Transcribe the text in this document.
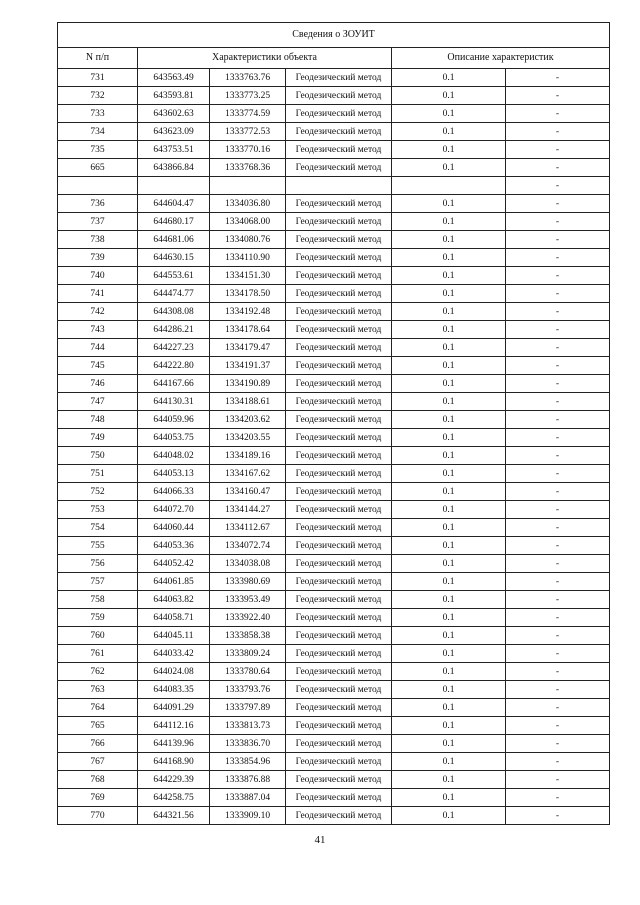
Сведения о ЗОУИТ					
N п/п	Характеристики объекта			Описание характеристик	
731	643563.49	1333763.76	Геодезический метод	0.1	-
732	643593.81	1333773.25	Геодезический метод	0.1	-
733	643602.63	1333774.59	Геодезический метод	0.1	-
734	643623.09	1333772.53	Геодезический метод	0.1	-
735	643753.51	1333770.16	Геодезический метод	0.1	-
665	643866.84	1333768.36	Геодезический метод	0.1	-
					-
736	644604.47	1334036.80	Геодезический метод	0.1	-
737	644680.17	1334068.00	Геодезический метод	0.1	-
738	644681.06	1334080.76	Геодезический метод	0.1	-
739	644630.15	1334110.90	Геодезический метод	0.1	-
740	644553.61	1334151.30	Геодезический метод	0.1	-
741	644474.77	1334178.50	Геодезический метод	0.1	-
742	644308.08	1334192.48	Геодезический метод	0.1	-
743	644286.21	1334178.64	Геодезический метод	0.1	-
744	644227.23	1334179.47	Геодезический метод	0.1	-
745	644222.80	1334191.37	Геодезический метод	0.1	-
746	644167.66	1334190.89	Геодезический метод	0.1	-
747	644130.31	1334188.61	Геодезический метод	0.1	-
748	644059.96	1334203.62	Геодезический метод	0.1	-
749	644053.75	1334203.55	Геодезический метод	0.1	-
750	644048.02	1334189.16	Геодезический метод	0.1	-
751	644053.13	1334167.62	Геодезический метод	0.1	-
752	644066.33	1334160.47	Геодезический метод	0.1	-
753	644072.70	1334144.27	Геодезический метод	0.1	-
754	644060.44	1334112.67	Геодезический метод	0.1	-
755	644053.36	1334072.74	Геодезический метод	0.1	-
756	644052.42	1334038.08	Геодезический метод	0.1	-
757	644061.85	1333980.69	Геодезический метод	0.1	-
758	644063.82	1333953.49	Геодезический метод	0.1	-
759	644058.71	1333922.40	Геодезический метод	0.1	-
760	644045.11	1333858.38	Геодезический метод	0.1	-
761	644033.42	1333809.24	Геодезический метод	0.1	-
762	644024.08	1333780.64	Геодезический метод	0.1	-
763	644083.35	1333793.76	Геодезический метод	0.1	-
764	644091.29	1333797.89	Геодезический метод	0.1	-
765	644112.16	1333813.73	Геодезический метод	0.1	-
766	644139.96	1333836.70	Геодезический метод	0.1	-
767	644168.90	1333854.96	Геодезический метод	0.1	-
768	644229.39	1333876.88	Геодезический метод	0.1	-
769	644258.75	1333887.04	Геодезический метод	0.1	-
770	644321.56	1333909.10	Геодезический метод	0.1	-
41
